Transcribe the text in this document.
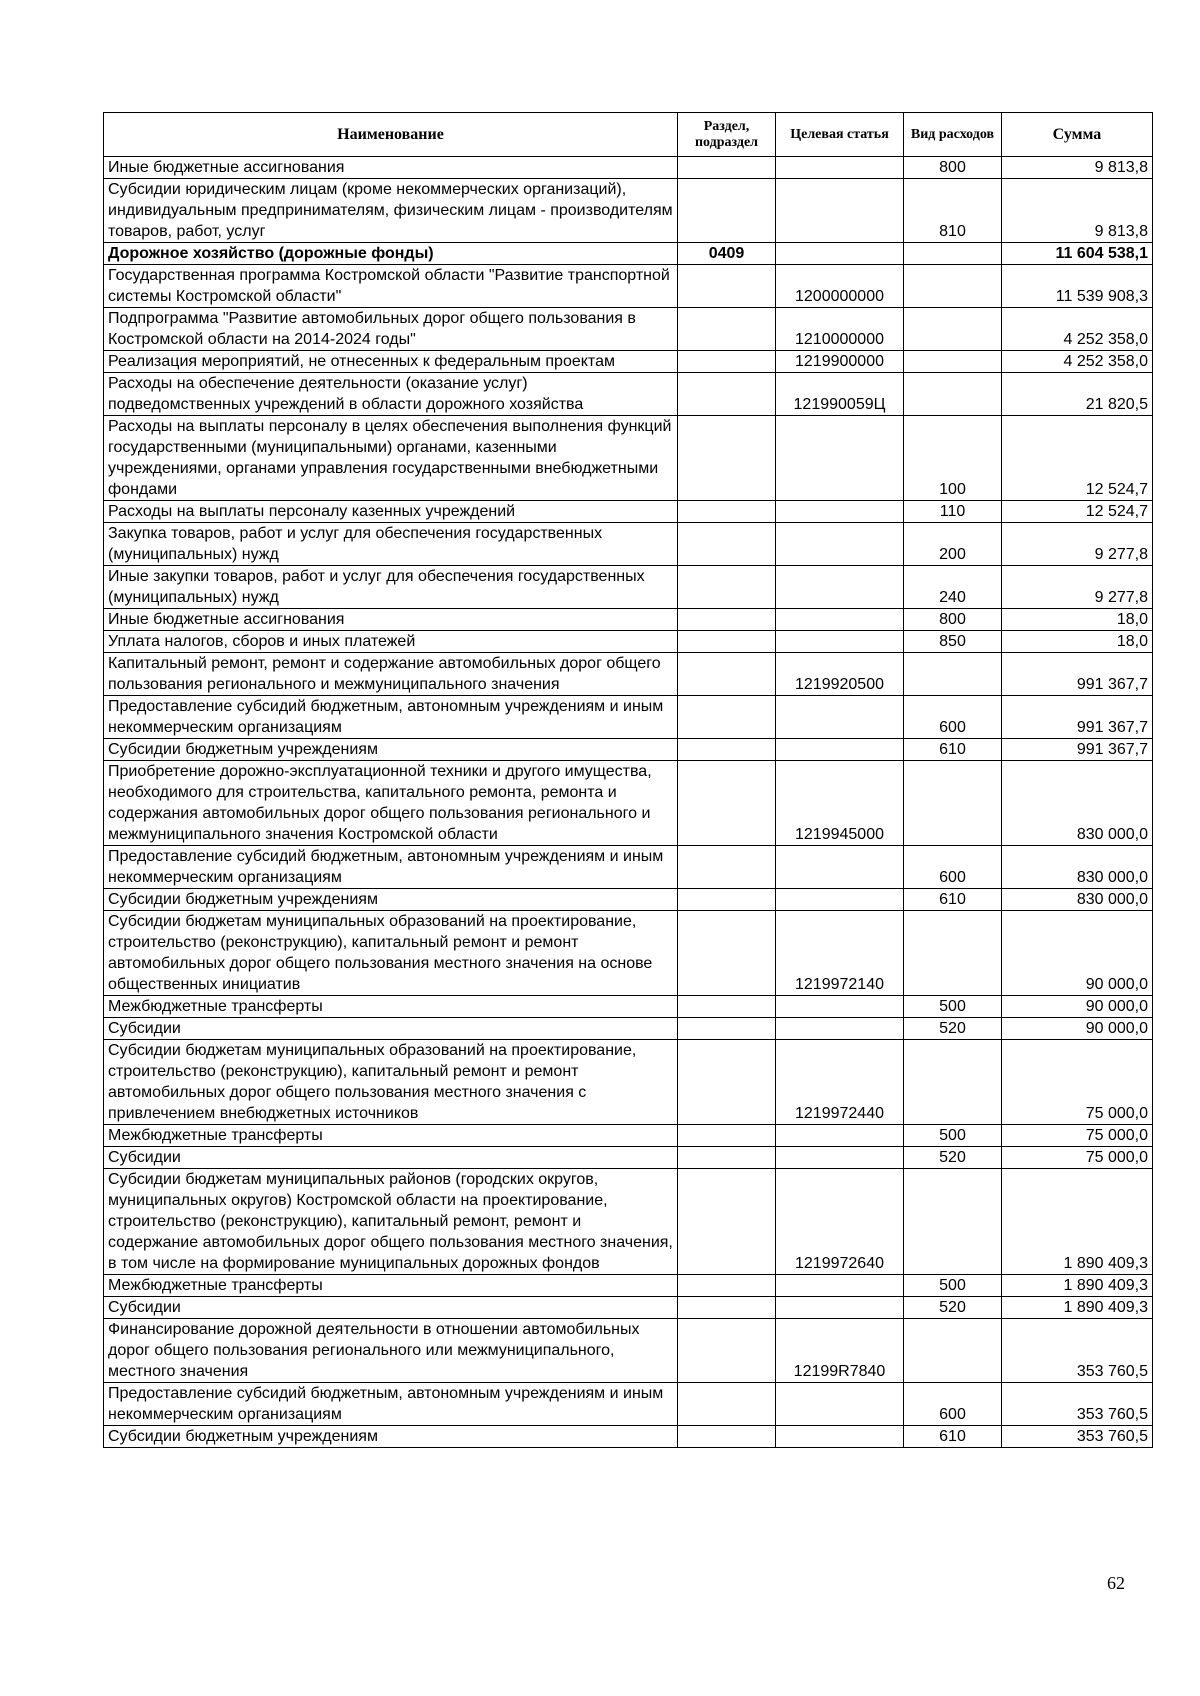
Наименование	Раздел, подраздел	Целевая статья	Вид расходов	Сумма
Иные бюджетные ассигнования			800	9 813,8
Субсидии юридическим лицам (кроме некоммерческих организаций), индивидуальным предпринимателям, физическим лицам - производителям товаров, работ, услуг			810	9 813,8
Дорожное хозяйство (дорожные фонды)	0409			11 604 538,1
Государственная программа Костромской области "Развитие транспортной системы Костромской области"		1200000000		11 539 908,3
Подпрограмма "Развитие автомобильных дорог общего пользования в Костромской области на 2014-2024 годы"		1210000000		4 252 358,0
Реализация мероприятий, не отнесенных к федеральным проектам		1219900000		4 252 358,0
Расходы на обеспечение деятельности (оказание услуг) подведомственных учреждений в области дорожного хозяйства		121990059Ц		21 820,5
Расходы на выплаты персоналу в целях обеспечения выполнения функций государственными (муниципальными) органами, казенными учреждениями, органами управления государственными внебюджетными фондами			100	12 524,7
Расходы на выплаты персоналу казенных учреждений			110	12 524,7
Закупка товаров, работ и услуг для обеспечения государственных (муниципальных) нужд			200	9 277,8
Иные закупки товаров, работ и услуг для обеспечения государственных (муниципальных) нужд			240	9 277,8
Иные бюджетные ассигнования			800	18,0
Уплата налогов, сборов и иных платежей			850	18,0
Капитальный ремонт, ремонт и содержание автомобильных дорог общего пользования регионального и межмуниципального значения		1219920500		991 367,7
Предоставление субсидий бюджетным, автономным учреждениям и иным некоммерческим организациям			600	991 367,7
Субсидии бюджетным учреждениям			610	991 367,7
Приобретение дорожно-эксплуатационной техники и другого имущества, необходимого для строительства, капитального ремонта, ремонта и содержания автомобильных дорог общего пользования регионального и межмуниципального значения Костромской области		1219945000		830 000,0
Предоставление субсидий бюджетным, автономным учреждениям и иным некоммерческим организациям			600	830 000,0
Субсидии бюджетным учреждениям			610	830 000,0
Субсидии бюджетам муниципальных образований на проектирование, строительство (реконструкцию), капитальный ремонт и ремонт автомобильных дорог общего пользования местного значения на основе общественных инициатив		1219972140		90 000,0
Межбюджетные трансферты			500	90 000,0
Субсидии			520	90 000,0
Субсидии бюджетам муниципальных образований на проектирование, строительство (реконструкцию), капитальный ремонт и ремонт автомобильных дорог общего пользования местного значения с привлечением внебюджетных источников		1219972440		75 000,0
Межбюджетные трансферты			500	75 000,0
Субсидии			520	75 000,0
Субсидии бюджетам муниципальных районов (городских округов, муниципальных округов) Костромской области на проектирование, строительство (реконструкцию), капитальный ремонт, ремонт и содержание автомобильных дорог общего пользования местного значения, в том числе на формирование муниципальных дорожных фондов		1219972640		1 890 409,3
Межбюджетные трансферты			500	1 890 409,3
Субсидии			520	1 890 409,3
Финансирование дорожной деятельности в отношении автомобильных дорог общего пользования регионального или межмуниципального, местного значения		12199R7840		353 760,5
Предоставление субсидий бюджетным, автономным учреждениям и иным некоммерческим организациям			600	353 760,5
Субсидии бюджетным учреждениям			610	353 760,5
62
